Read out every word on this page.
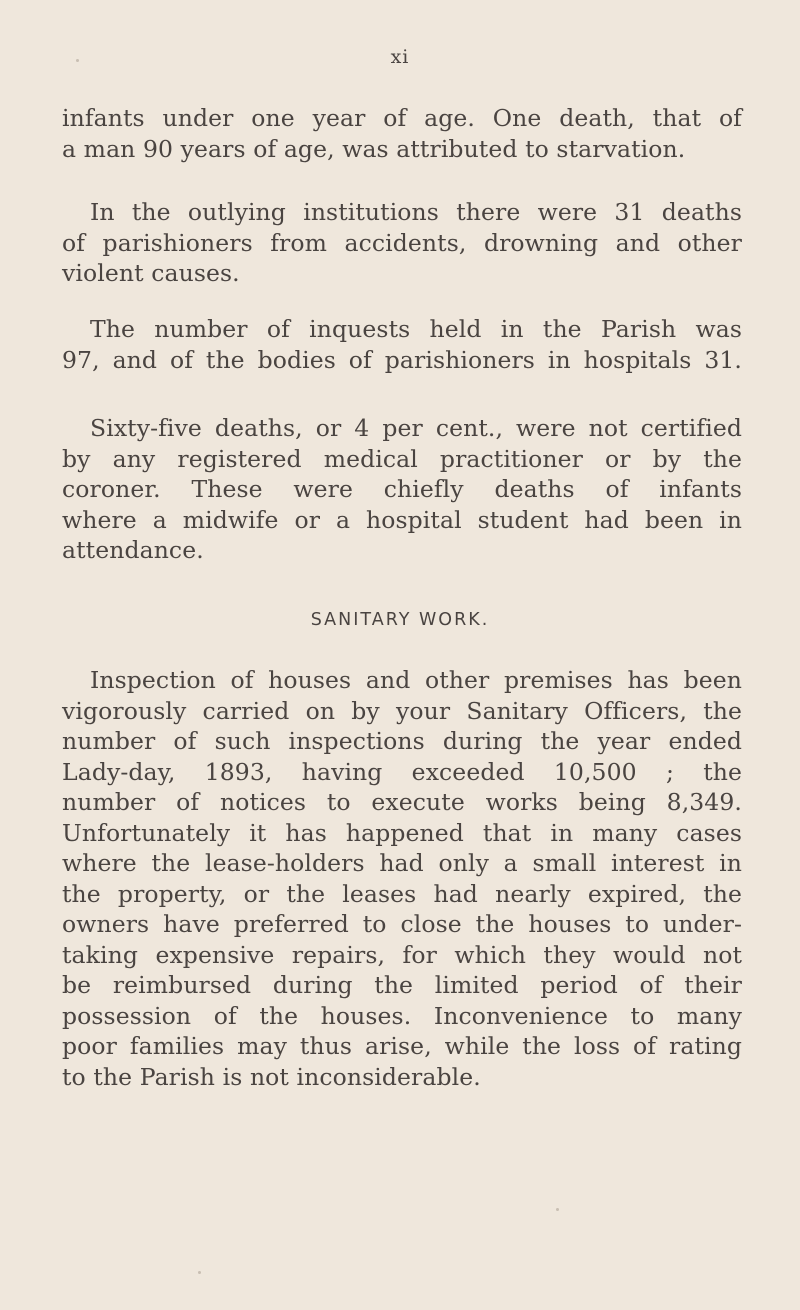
xi
infants under one year of age. One death, that of
a man 90 years of age, was attributed to starvation.
In the outlying institutions there were 31 deaths
of parishioners from accidents, drowning and other
violent causes.
The number of inquests held in the Parish was
97, and of the bodies of parishioners in hospitals 31.
Sixty-five deaths, or 4 per cent., were not certified
by any registered medical practitioner or by the
coroner. These were chiefly deaths of infants
where a midwife or a hospital student had been in
attendance.
SANITARY WORK.
Inspection of houses and other premises has been
vigorously carried on by your Sanitary Officers, the
number of such inspections during the year ended
Lady-day, 1893, having exceeded 10,500 ; the
number of notices to execute works being 8,349.
Unfortunately it has happened that in many cases
where the lease-holders had only a small interest in
the property, or the leases had nearly expired, the
owners have preferred to close the houses to under-
taking expensive repairs, for which they would not
be reimbursed during the limited period of their
possession of the houses. Inconvenience to many
poor families may thus arise, while the loss of rating
to the Parish is not inconsiderable.
